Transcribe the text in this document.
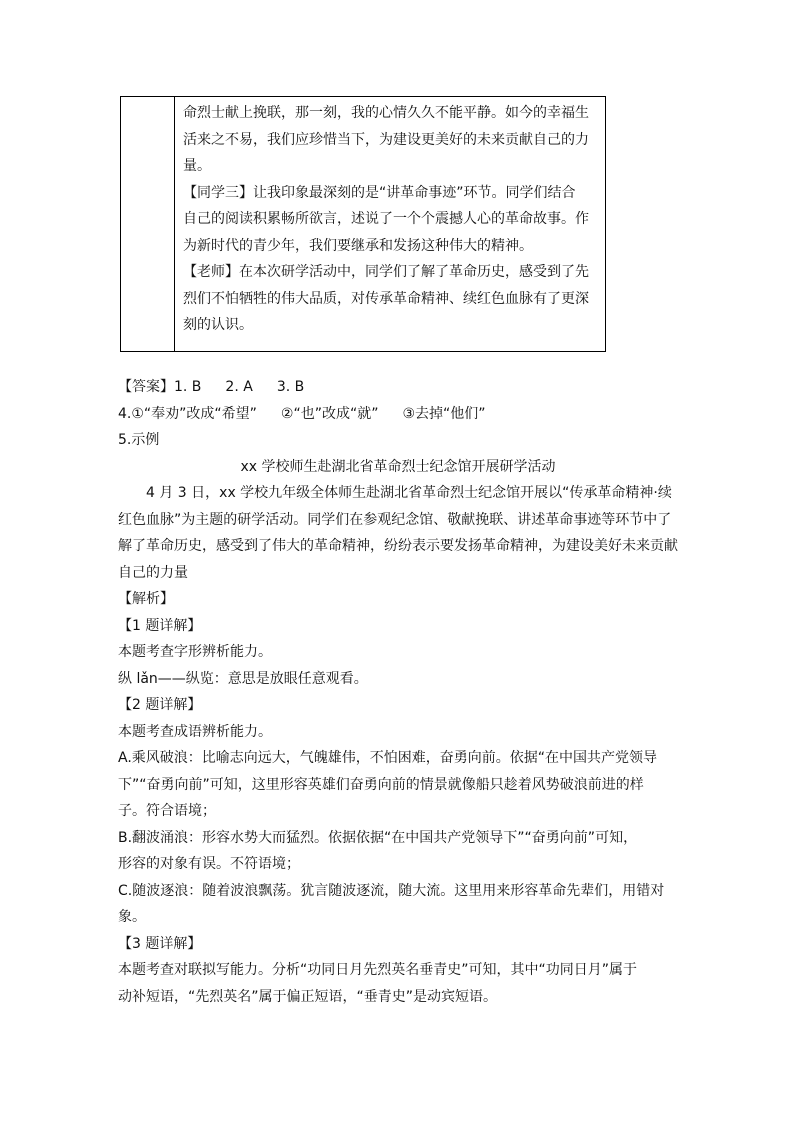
命烈士献上挽联，那一刻，我的心情久久不能平静。如今的幸福生

活来之不易，我们应珍惜当下，为建设更美好的未来贡献自己的力

量。

【同学三】让我印象最深刻的是“讲革命事迹”环节。同学们结合

自己的阅读积累畅所欲言，述说了一个个震撼人心的革命故事。作

为新时代的青少年，我们要继承和发扬这种伟大的精神。

【老师】在本次研学活动中，同学们了解了革命历史，感受到了先

烈们不怕牺牲的伟大品质，对传承革命精神、续红色血脉有了更深

刻的认识。

【答案】1. B 2. A 3. B

4.①“奉劝”改成“希望” ②“也”改成“就” ③去掉“他们”

5.示例

xx 学校师生赴湖北省革命烈士纪念馆开展研学活动

4 月 3 日，xx 学校九年级全体师生赴湖北省革命烈士纪念馆开展以“传承革命精神·续

红色血脉”为主题的研学活动。同学们在参观纪念馆、敬献挽联、讲述革命事迹等环节中了

解了革命历史，感受到了伟大的革命精神，纷纷表示要发扬革命精神，为建设美好未来贡献

自己的力量

【解析】

【1 题详解】

本题考查字形辨析能力。

纵 lǎn——纵览：意思是放眼任意观看。

【2 题详解】

本题考查成语辨析能力。

A.乘风破浪：比喻志向远大，气魄雄伟，不怕困难，奋勇向前。依据“在中国共产党领导

下”“奋勇向前”可知，这里形容英雄们奋勇向前的情景就像船只趁着风势破浪前进的样

子。符合语境；

B.翻波涌浪：形容水势大而猛烈。依据依据“在中国共产党领导下”“奋勇向前”可知，

形容的对象有误。不符语境；

C.随波逐浪：随着波浪飘荡。犹言随波逐流，随大流。这里用来形容革命先辈们，用错对

象。

【3 题详解】

本题考查对联拟写能力。分析“功同日月先烈英名垂青史”可知，其中“功同日月”属于

动补短语，“先烈英名”属于偏正短语，“垂青史”是动宾短语。
